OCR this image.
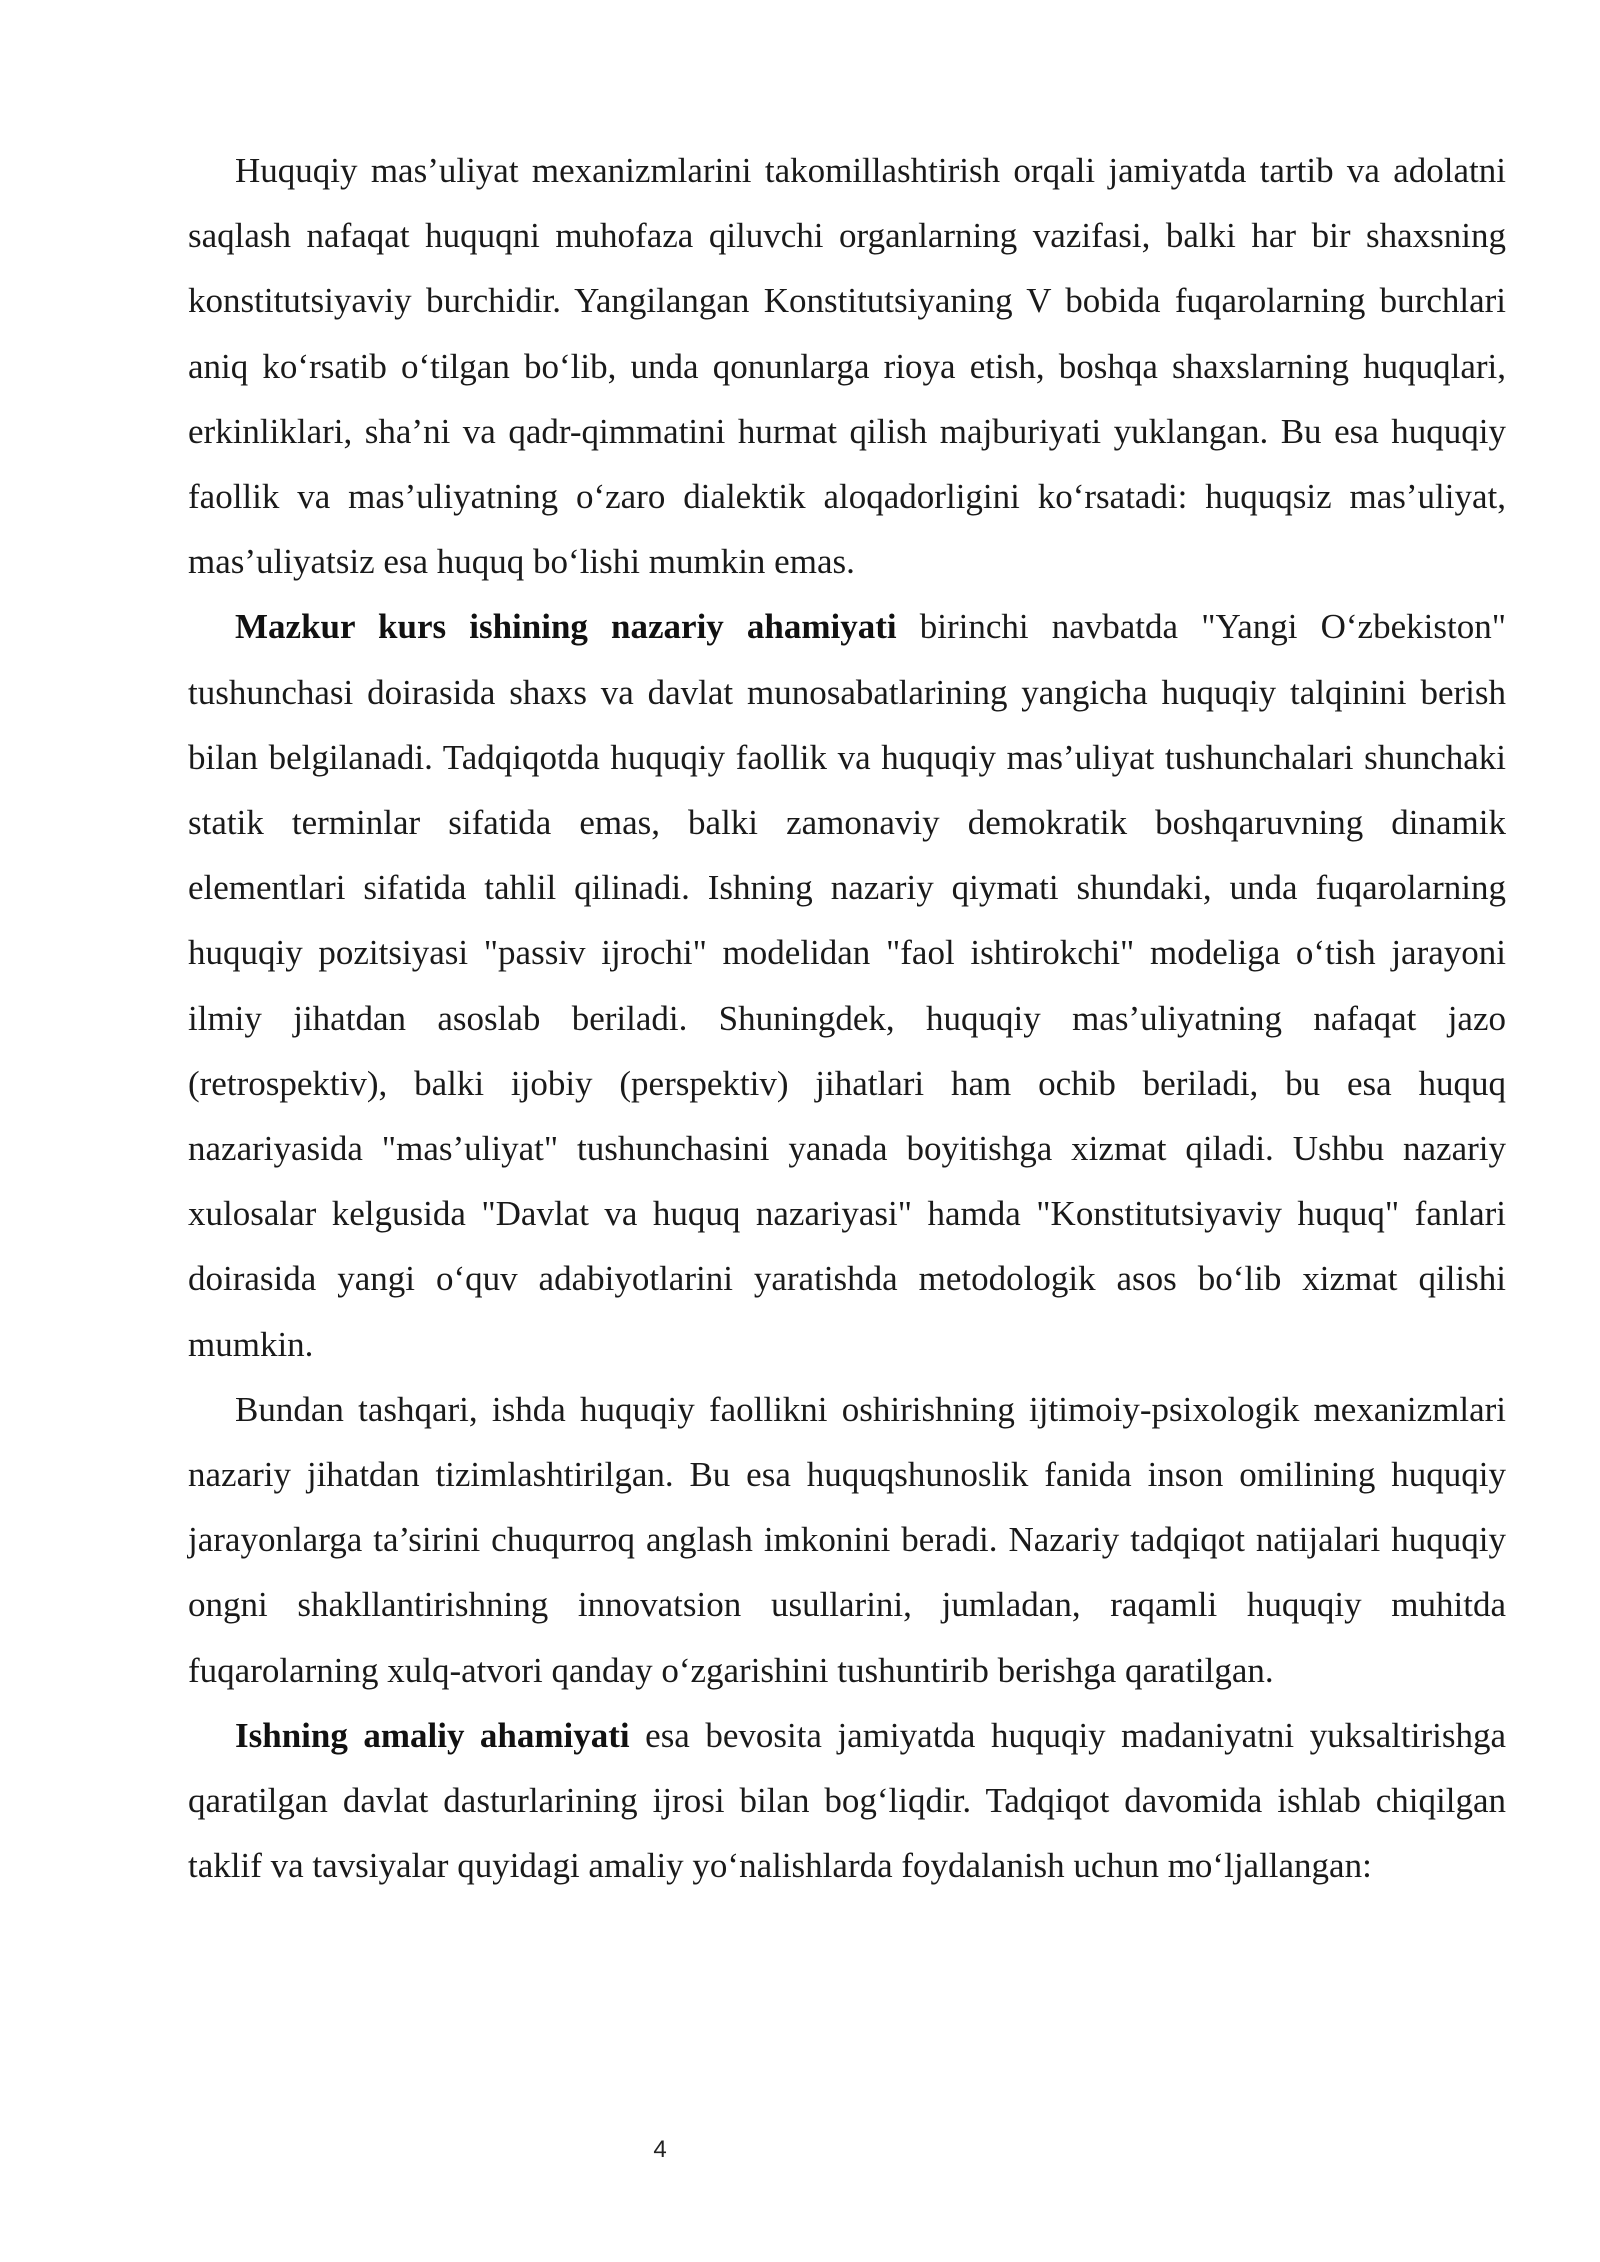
Huquqiy mas’uliyat mexanizmlarini takomillashtirish orqali jamiyatda tartib va adolatni saqlash nafaqat huquqni muhofaza qiluvchi organlarning vazifasi, balki har bir shaxsning konstitutsiyaviy burchidir. Yangilangan Konstitutsiyaning V bobida fuqarolarning burchlari aniq ko‘rsatib o‘tilgan bo‘lib, unda qonunlarga rioya etish, boshqa shaxslarning huquqlari, erkinliklari, sha’ni va qadr-qimmatini hurmat qilish majburiyati yuklangan. Bu esa huquqiy faollik va mas’uliyatning o‘zaro dialektik aloqadorligini ko‘rsatadi: huquqsiz mas’uliyat, mas’uliyatsiz esa huquq bo‘lishi mumkin emas.

Mazkur kurs ishining nazariy ahamiyati birinchi navbatda "Yangi O‘zbekiston" tushunchasi doirasida shaxs va davlat munosabatlarining yangicha huquqiy talqinini berish bilan belgilanadi. Tadqiqotda huquqiy faollik va huquqiy mas’uliyat tushunchalari shunchaki statik terminlar sifatida emas, balki zamonaviy demokratik boshqaruvning dinamik elementlari sifatida tahlil qilinadi. Ishning nazariy qiymati shundaki, unda fuqarolarning huquqiy pozitsiyasi "passiv ijrochi" modelidan "faol ishtirokchi" modeliga o‘tish jarayoni ilmiy jihatdan asoslab beriladi. Shuningdek, huquqiy mas’uliyatning nafaqat jazo (retrospektiv), balki ijobiy (perspektiv) jihatlari ham ochib beriladi, bu esa huquq nazariyasida "mas’uliyat" tushunchasini yanada boyitishga xizmat qiladi. Ushbu nazariy xulosalar kelgusida "Davlat va huquq nazariyasi" hamda "Konstitutsiyaviy huquq" fanlari doirasida yangi o‘quv adabiyotlarini yaratishda metodologik asos bo‘lib xizmat qilishi mumkin.

Bundan tashqari, ishda huquqiy faollikni oshirishning ijtimoiy-psixologik mexanizmlari nazariy jihatdan tizimlashtirilgan. Bu esa huquqshunoslik fanida inson omilining huquqiy jarayonlarga ta’sirini chuqurroq anglash imkonini beradi. Nazariy tadqiqot natijalari huquqiy ongni shakllantirishning innovatsion usullarini, jumladan, raqamli huquqiy muhitda fuqarolarning xulq-atvori qanday o‘zgarishini tushuntirib berishga qaratilgan.

Ishning amaliy ahamiyati esa bevosita jamiyatda huquqiy madaniyatni yuksaltirishga qaratilgan davlat dasturlarining ijrosi bilan bog‘liqdir. Tadqiqot davomida ishlab chiqilgan taklif va tavsiyalar quyidagi amaliy yo‘nalishlarda foydalanish uchun mo‘ljallangan:

4
